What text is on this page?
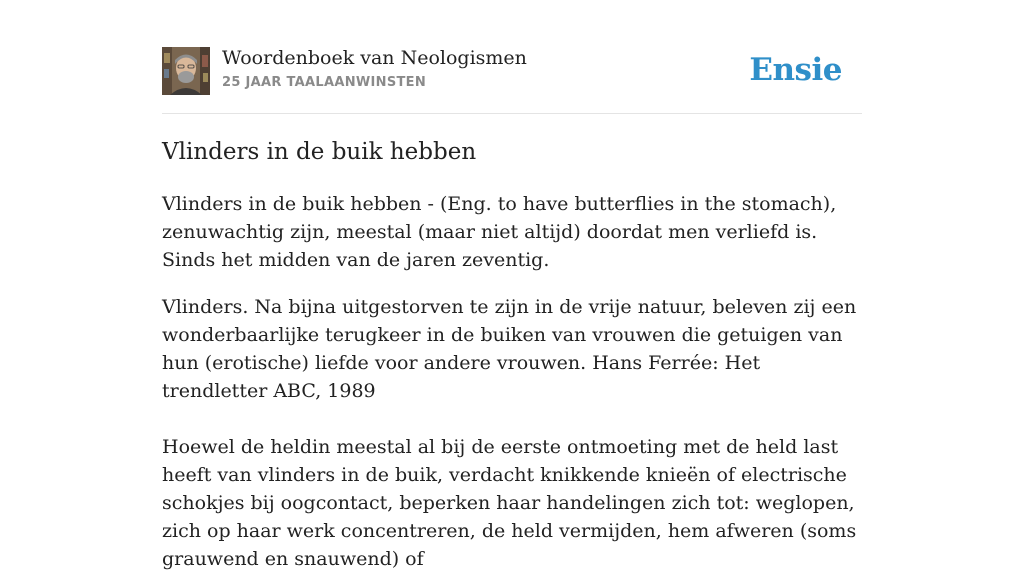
Woordenboek van Neologismen
25 JAAR TAALAANWINSTEN	Ensie
Vlinders in de buik hebben

Vlinders in de buik hebben - (Eng. to have butterflies in the stomach), zenuwachtig zijn, meestal (maar niet altijd) doordat men verliefd is. Sinds het midden van de jaren zeventig.

Vlinders. Na bijna uitgestorven te zijn in de vrije natuur, beleven zij een wonderbaarlijke terugkeer in de buiken van vrouwen die getuigen van hun (erotische) liefde voor andere vrouwen. Hans Ferrée: Het trendletter ABC, 1989

Hoewel de heldin meestal al bij de eerste ontmoeting met de held last heeft van vlinders in de buik, verdacht knikkende knieën of electrische schokjes bij oogcontact, beperken haar handelingen zich tot: weglopen, zich op haar werk concentreren, de held vermijden, hem afweren (soms grauwend en snauwend) of
